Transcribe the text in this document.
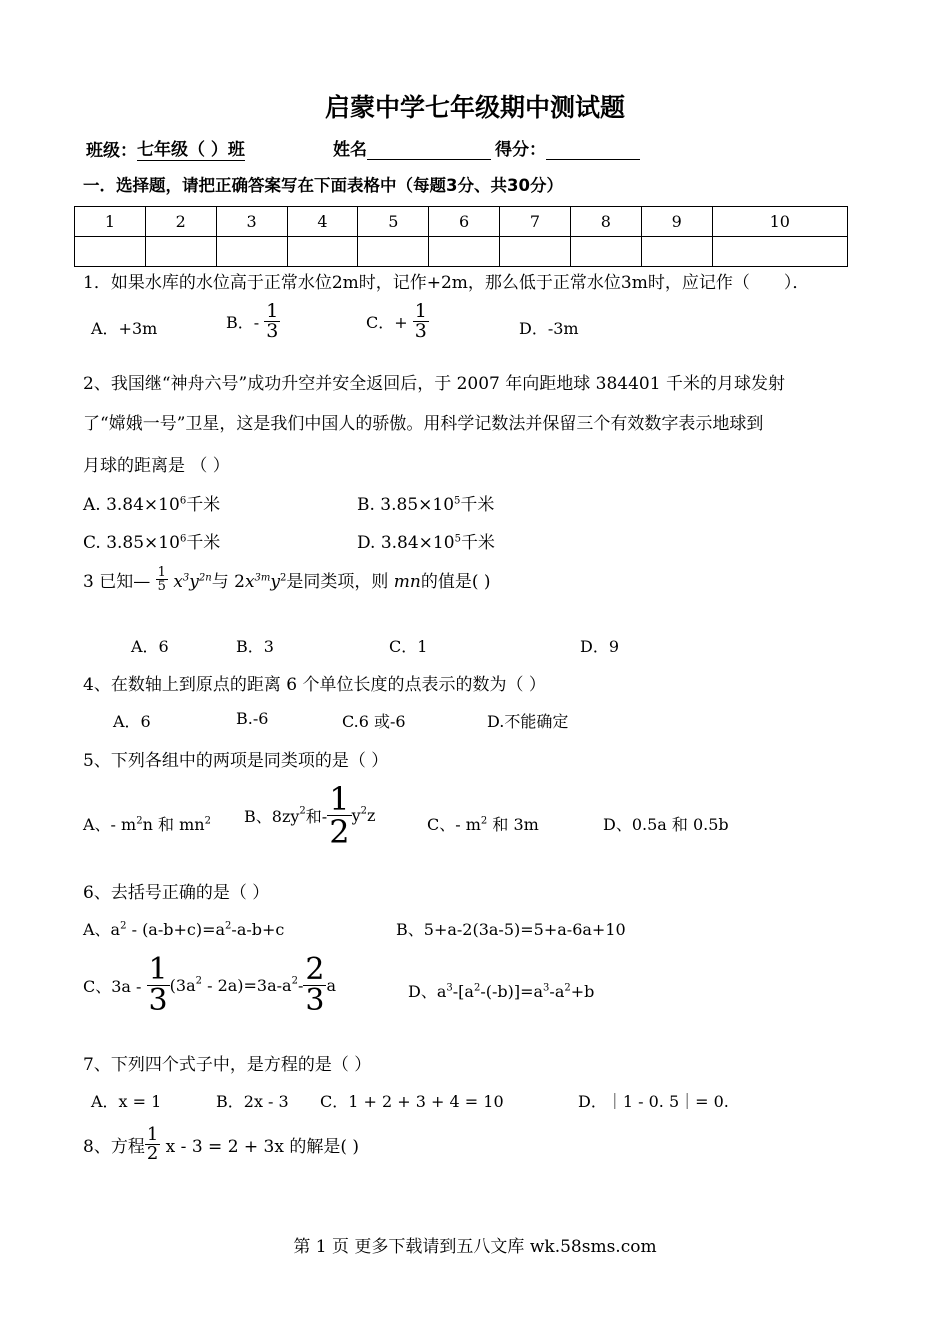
启蒙中学七年级期中测试题
班级：七年级（ ）班	姓名	得分：
一．选择题，请把正确答案写在下面表格中（每题3分、共30分）
1	2	3	4	5	6	7	8	9	10

1．如果水库的水位高于正常水位2m时，记作+2m，那么低于正常水位3m时，应记作（　　）．
A．+3m	B．- $\frac{1}{3}$	C．+ $\frac{1}{3}$	D．-3m
2、我国继“神舟六号”成功升空并安全返回后，于 2007 年向距地球 384401 千米的月球发射
了“嫦娥一号”卫星，这是我们中国人的骄傲。用科学记数法并保留三个有效数字表示地球到
月球的距离是 （ ）
A. $3.84\times 10^6$千米	B. $3.85\times 10^5$千米
C. $3.85\times 10^6$千米	D. $3.84\times 10^5$千米
3 已知— $\frac{1}{5} x^3y^{2n}$与 $2x^{3m}y^2$是同类项，则 mn的值是( )
A．6	B．3	C．1	D．9
4、在数轴上到原点的距离 6 个单位长度的点表示的数为（ ）
A．6	B.-6	C.6 或-6	D.不能确定
5、下列各组中的两项是同类项的是（ ）
A、- $m^2n$ 和 $mn^2$ B、$8zy^2$和- $\frac{1}{2} y^2z$	C、- $m^2$ 和 3m	D、0.5a 和 0.5b
6、去括号正确的是（ ）
A、$a^2 - (a-b+c)=a^2-a-b+c$	B、5+a-2(3a-5)=5+a-6a+10
C、$3a - \frac{1}{3} (3a^2 - 2a)=3a-a^2- \frac{2}{3}$ a	D、$a^3-[a^2-(-b)]=a^3-a^2+b$
7、下列四个式子中，是方程的是（ ）
A．x = 1	B．2x - 3 C．1 + 2 + 3 + 4 = 10	D．｜1 - 0. 5｜= 0.
8、方程 $\frac{1}{2}$ x - 3 = 2 + 3x 的解是( )
第 1 页 更多下载请到五八文库 wk.58sms.com
